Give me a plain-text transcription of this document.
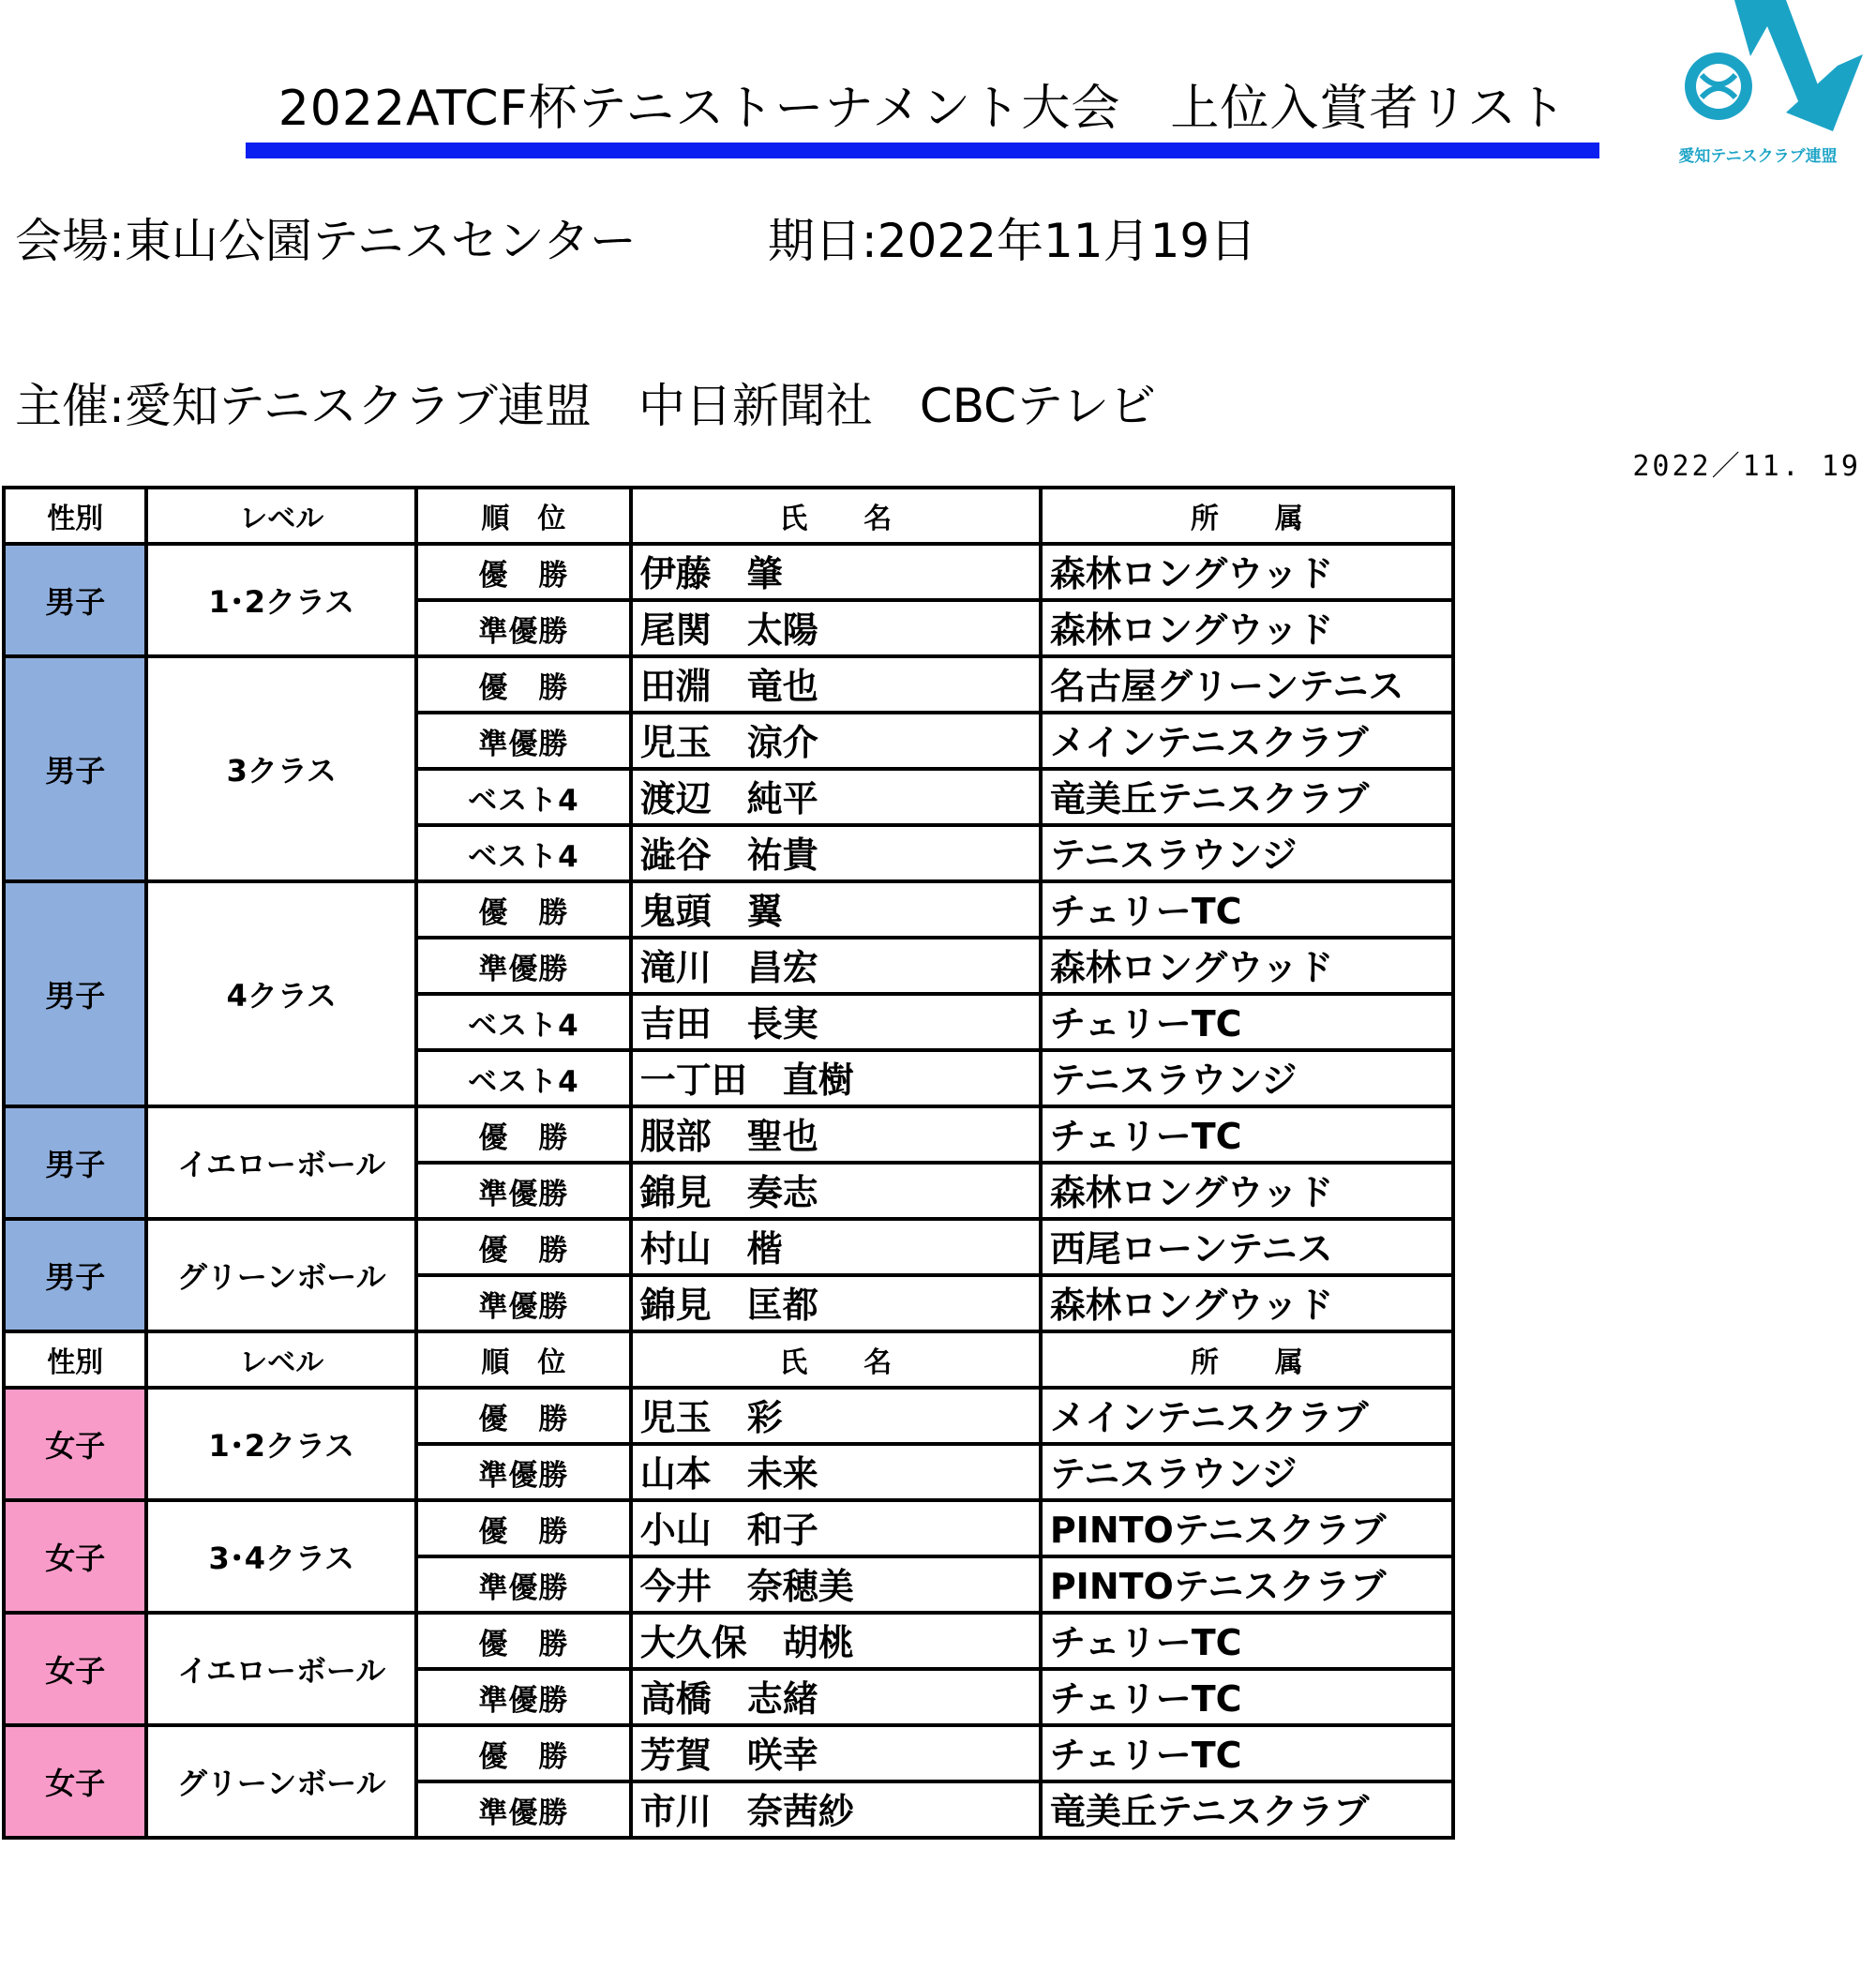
2022ATCF杯テニストーナメント大会　上位入賞者リスト
愛知テニスクラブ連盟
会場:東山公園テニスセンター	期日:2022年11月19日
主催:愛知テニスクラブ連盟　中日新聞社　CBCテレビ
2022／11. 19
性別	レベル	順　位	氏　　名	所　　属
男子	1･2クラス	優　勝	伊藤　肇	森林ロングウッド
		準優勝	尾関　太陽	森林ロングウッド
男子	3クラス	優　勝	田淵　竜也	名古屋グリーンテニス
		準優勝	児玉　涼介	メインテニスクラブ
		ベスト4	渡辺　純平	竜美丘テニスクラブ
		ベスト4	澁谷　祐貴	テニスラウンジ
男子	4クラス	優　勝	鬼頭　翼	チェリーTC
		準優勝	滝川　昌宏	森林ロングウッド
		ベスト4	吉田　長実	チェリーTC
		ベスト4	一丁田　直樹	テニスラウンジ
男子	イエローボール	優　勝	服部　聖也	チェリーTC
		準優勝	錦見　奏志	森林ロングウッド
男子	グリーンボール	優　勝	村山　楷	西尾ローンテニス
		準優勝	錦見　匡都	森林ロングウッド
性別	レベル	順　位	氏　　名	所　　属
女子	1･2クラス	優　勝	児玉　彩	メインテニスクラブ
		準優勝	山本　未来	テニスラウンジ
女子	3･4クラス	優　勝	小山　和子	PINTOテニスクラブ
		準優勝	今井　奈穂美	PINTOテニスクラブ
女子	イエローボール	優　勝	大久保　胡桃	チェリーTC
		準優勝	高橋　志緒	チェリーTC
女子	グリーンボール	優　勝	芳賀　咲幸	チェリーTC
		準優勝	市川　奈茜紗	竜美丘テニスクラブ
